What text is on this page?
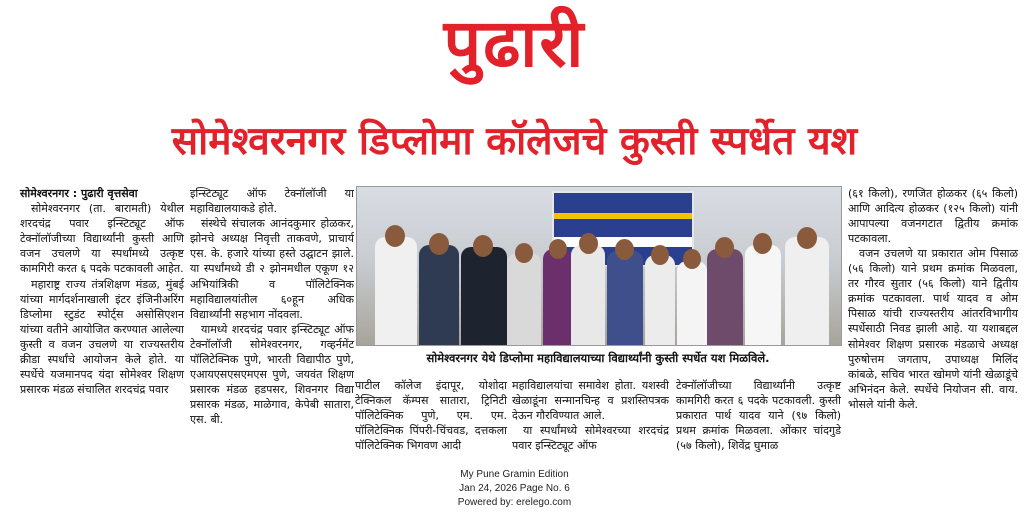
पुढारी
सोमेश्वरनगर डिप्लोमा कॉलेजचे कुस्ती स्पर्धेत यश

सोमेश्वरनगर : पुढारी वृत्तसेवा

 सोमेश्वरनगर (ता. बारामती) येथील शरदचंद्र पवार इन्स्टिट्यूट ऑफ टेक्नॉलॉजीच्या विद्यार्थ्यांनी कुस्ती आणि वजन उचलणे या स्पर्धांमध्ये उत्कृष्ट कामगिरी करत ६ पदके पटकावली आहेत.

 महाराष्ट्र राज्य तंत्रशिक्षण मंडळ, मुंबई यांच्या मार्गदर्शनाखाली इंटर इंजिनीअरिंग डिप्लोमा स्टुडंट स्पोर्ट्स असोसिएशन यांच्या वतीने आयोजित करण्यात आलेल्या कुस्ती व वजन उचलणे या राज्यस्तरीय क्रीडा स्पर्धांचे आयोजन केले होते. या स्पर्धेचे यजमानपद यंदा सोमेश्वर शिक्षण प्रसारक मंडळ संचालित शरदचंद्र पवार

इन्स्टिट्यूट ऑफ टेक्नॉलॉजी या महाविद्यालयाकडे होते.

 संस्थेचे संचालक आनंदकुमार होळकर, झोनचे अध्यक्ष निवृत्ती ताकवणे, प्राचार्य एस. के. हजारे यांच्या हस्ते उद्घाटन झाले. या स्पर्धांमध्ये डी २ झोनमधील एकूण १२ अभियांत्रिकी व पॉलिटेक्निक महाविद्यालयांतील ६०हून अधिक विद्यार्थ्यांनी सहभाग नोंदवला.

 यामध्ये शरदचंद्र पवार इन्स्टिट्यूट ऑफ टेक्नॉलॉजी सोमेश्वरनगर, गव्हर्नमेंट पॉलिटेक्निक पुणे, भारती विद्यापीठ पुणे, एआयएसएसएमएस पुणे, जयवंत शिक्षण प्रसारक मंडळ हडपसर, शिवनगर विद्या प्रसारक मंडळ, माळेगाव, केपेबी सातारा, एस. बी.

सोमेश्वरनगर येथे डिप्लोमा महाविद्यालयाच्या विद्यार्थ्यांनी कुस्ती स्पर्धेत यश मिळविले.
पाटील कॉलेज इंदापूर, योशोदा टेक्निकल कॅम्पस सातारा, ट्रिनिटी पॉलिटेक्निक पुणे, एम. एम. पॉलिटेक्निक पिंपरी-चिंचवड, दत्तकला पॉलिटेक्निक भिगवण आदी

महाविद्यालयांचा समावेश होता. यशस्वी खेळाडूंना सन्मानचिन्ह व प्रशस्तिपत्रक देऊन गौरविण्यात आले.

 या स्पर्धांमध्ये सोमेश्वरच्या शरदचंद्र पवार इन्स्टिट्यूट ऑफ

टेक्नॉलॉजीच्या विद्यार्थ्यांनी उत्कृष्ट कामगिरी करत ६ पदके पटकावली. कुस्ती प्रकारात पार्थ यादव याने (९७ किलो) प्रथम क्रमांक मिळवला. ओंकार चांदगुडे (५७ किलो), शिवेंद्र घुमाळ
(६१ किलो), रणजित होळकर (६५ किलो) आणि आदित्य होळकर (१२५ किलो) यांनी आपापल्या वजनगटात द्वितीय क्रमांक पटकावला.

 वजन उचलणे या प्रकारात ओम पिसाळ (५६ किलो) याने प्रथम क्रमांक मिळवला, तर गौरव सुतार (५६ किलो) याने द्वितीय क्रमांक पटकावला. पार्थ यादव व ओम पिसाळ यांची राज्यस्तरीय आंतरविभागीय स्पर्धेसाठी निवड झाली आहे. या यशाबद्दल सोमेश्वर शिक्षण प्रसारक मंडळाचे अध्यक्ष पुरुषोत्तम जगताप, उपाध्यक्ष मिलिंद कांबळे, सचिव भारत खोमणे यांनी खेळाडूंचे अभिनंदन केले. स्पर्धेचे नियोजन सी. वाय. भोसले यांनी केले.

My Pune Gramin Edition
Jan 24, 2026 Page No. 6
Powered by: erelego.com
